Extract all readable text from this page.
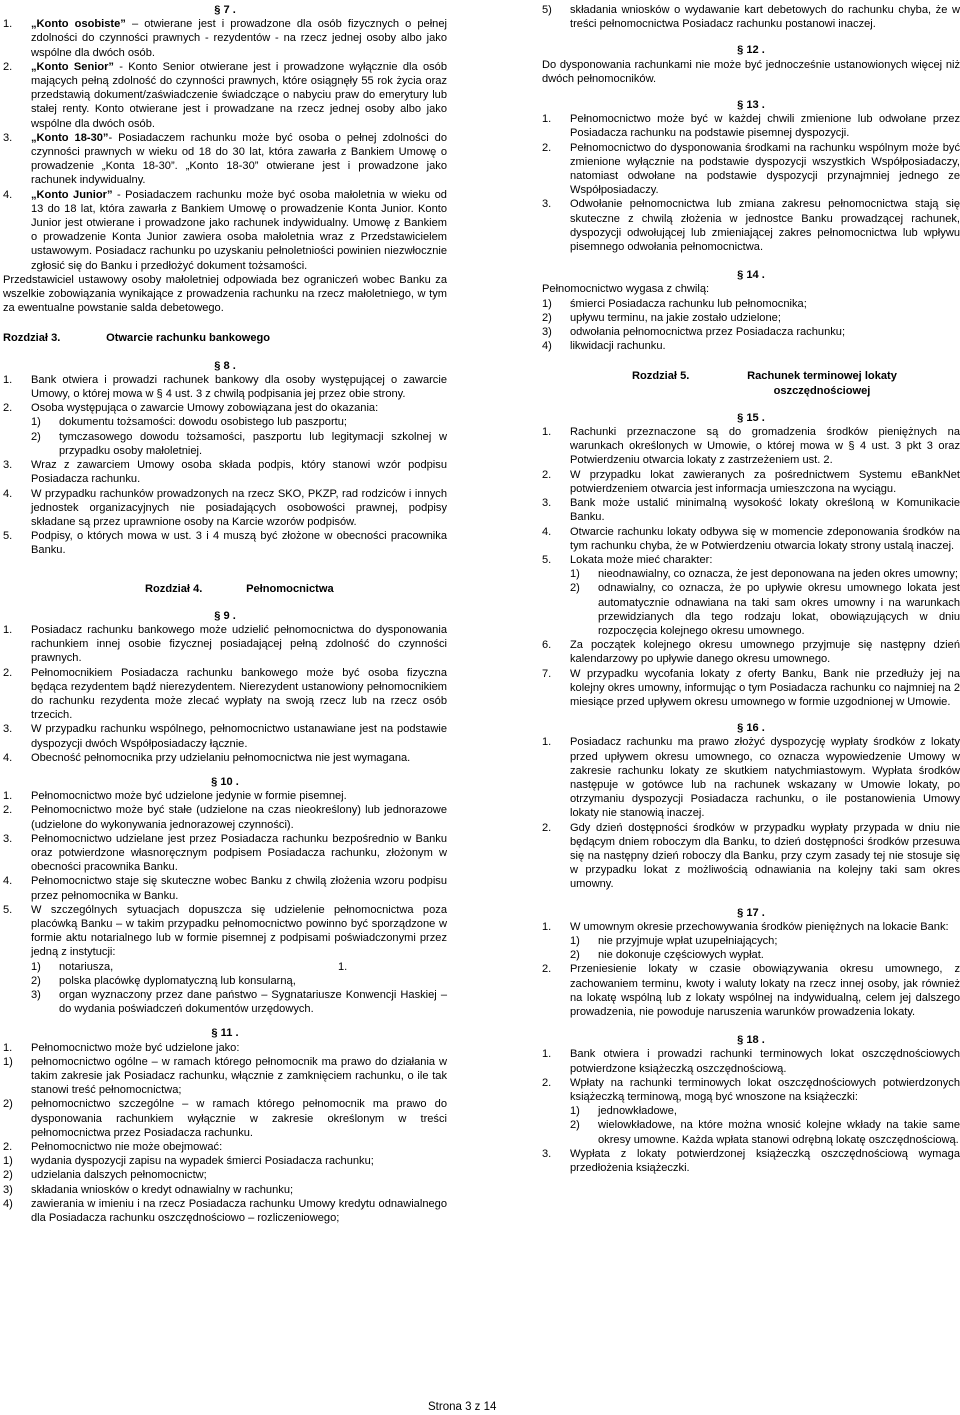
§ 7 .
1.	„Konto osobiste” – otwierane jest i prowadzone dla osób fizycznych o pełnej zdolności do czynności prawnych - rezydentów - na rzecz jednej osoby albo jako wspólne dla dwóch osób.
2.	„Konto Senior” - Konto Senior otwierane jest i prowadzone wyłącznie dla osób mających pełną zdolność do czynności prawnych, które osiągnęły 55 rok życia oraz przedstawią dokument/zaświadczenie świadczące o nabyciu praw do emerytury lub stałej renty. Konto otwierane jest i prowadzane na rzecz jednej osoby albo jako wspólne dla dwóch osób.
3.	„Konto 18-30”- Posiadaczem rachunku może być osoba o pełnej zdolności do czynności prawnych w wieku od 18 do 30 lat, która zawarła z Bankiem Umowę o prowadzenie „Konta 18-30”. „Konto 18-30” otwierane jest i prowadzone jako rachunek indywidualny.
4.	„Konto Junior” - Posiadaczem rachunku może być osoba małoletnia w wieku od 13 do 18 lat, która zawarła z Bankiem Umowę o prowadzenie Konta Junior. Konto Junior jest otwierane i prowadzone jako rachunek indywidualny. Umowę z Bankiem o prowadzenie Konta Junior zawiera osoba małoletnia wraz z Przedstawicielem ustawowym. Posiadacz rachunku po uzyskaniu pełnoletniości powinien niezwłocznie zgłosić się do Banku i przedłożyć dokument tożsamości.
Przedstawiciel ustawowy osoby małoletniej odpowiada bez ograniczeń wobec Banku za wszelkie zobowiązania wynikające z prowadzenia rachunku na rzecz małoletniego, w tym za ewentualne powstanie salda debetowego.
Rozdział 3.	Otwarcie rachunku bankowego
§ 8 .
1.	Bank otwiera i prowadzi rachunek bankowy dla osoby występującej o zawarcie Umowy, o której mowa w § 4 ust. 3 z chwilą podpisania jej przez obie strony.
2.	Osoba występująca o zawarcie Umowy zobowiązana jest do okazania:
1)	dokumentu tożsamości: dowodu osobistego lub paszportu;
2)	tymczasowego dowodu tożsamości, paszportu lub legitymacji szkolnej w przypadku osoby małoletniej.
3.	Wraz z zawarciem Umowy osoba składa podpis, który stanowi wzór podpisu Posiadacza rachunku.
4.	W przypadku rachunków prowadzonych na rzecz SKO, PKZP, rad rodziców i innych jednostek organizacyjnych nie posiadających osobowości prawnej, podpisy składane są przez uprawnione osoby na Karcie wzorów podpisów.
5.	Podpisy, o których mowa w ust. 3 i 4 muszą być złożone w obecności pracownika Banku.
Rozdział 4.	Pełnomocnictwa
§ 9 .
1.	Posiadacz rachunku bankowego może udzielić pełnomocnictwa do dysponowania rachunkiem innej osobie fizycznej posiadającej pełną zdolność do czynności prawnych.
2.	Pełnomocnikiem Posiadacza rachunku bankowego może być osoba fizyczna będąca rezydentem bądź nierezydentem. Nierezydent ustanowiony pełnomocnikiem do rachunku rezydenta może zlecać wypłaty na swoją rzecz lub na rzecz osób trzecich.
3.	W przypadku rachunku wspólnego, pełnomocnictwo ustanawiane jest na podstawie dyspozycji dwóch Współposiadaczy łącznie.
4.	Obecność pełnomocnika przy udzielaniu pełnomocnictwa nie jest wymagana.
§ 10 .
1.	Pełnomocnictwo może być udzielone jedynie w formie pisemnej.
2.	Pełnomocnictwo może być stałe (udzielone na czas nieokreślony) lub jednorazowe (udzielone do wykonywania jednorazowej czynności).
3.	Pełnomocnictwo udzielane jest przez Posiadacza rachunku bezpośrednio w Banku oraz potwierdzone własnoręcznym podpisem Posiadacza rachunku, złożonym w obecności pracownika Banku.
4.	Pełnomocnictwo staje się skuteczne wobec Banku z chwilą złożenia wzoru podpisu przez pełnomocnika w Banku.
5.	W szczególnych sytuacjach dopuszcza się udzielenie pełnomocnictwa poza placówką Banku – w takim przypadku pełnomocnictwo powinno być sporządzone w formie aktu notarialnego lub w formie pisemnej z podpisami poświadczonymi przez jedną z instytucji:
1)	notariusza,
2)	polska placówkę dyplomatyczną lub konsularną,
3)	organ wyznaczony przez dane państwo – Sygnatariusze Konwencji Haskiej – do wydania poświadczeń dokumentów urzędowych.
1.
§ 11 .
1.	Pełnomocnictwo może być udzielone jako:
1)	pełnomocnictwo ogólne – w ramach którego pełnomocnik ma prawo do działania w takim zakresie jak Posiadacz rachunku, włącznie z zamknięciem rachunku, o ile tak stanowi treść pełnomocnictwa;
2)	pełnomocnictwo szczególne – w ramach którego pełnomocnik ma prawo do dysponowania rachunkiem wyłącznie w zakresie określonym w treści pełnomocnictwa przez Posiadacza rachunku.
2.	Pełnomocnictwo nie może obejmować:
1)	wydania dyspozycji zapisu na wypadek śmierci Posiadacza rachunku;
2)	udzielania dalszych pełnomocnictw;
3)	składania wniosków o kredyt odnawialny w rachunku;
4)	zawierania w imieniu i na rzecz Posiadacza rachunku Umowy kredytu odnawialnego dla Posiadacza rachunku oszczędnościowo – rozliczeniowego;
5)	składania wniosków o wydawanie kart debetowych do rachunku chyba, że w treści pełnomocnictwa Posiadacz rachunku postanowi inaczej.
§ 12 .
Do dysponowania rachunkami nie może być jednocześnie ustanowionych więcej niż dwóch pełnomocników.
§ 13 .
1.	Pełnomocnictwo może być w każdej chwili zmienione lub odwołane przez Posiadacza rachunku na podstawie pisemnej dyspozycji.
2.	Pełnomocnictwo do dysponowania środkami na rachunku wspólnym może być zmienione wyłącznie na podstawie dyspozycji wszystkich Współposiadaczy, natomiast odwołane na podstawie dyspozycji przynajmniej jednego ze Współposiadaczy.
3.	Odwołanie pełnomocnictwa lub zmiana zakresu pełnomocnictwa stają się skuteczne z chwilą złożenia w jednostce Banku prowadzącej rachunek, dyspozycji odwołującej lub zmieniającej zakres pełnomocnictwa lub wpływu pisemnego odwołania pełnomocnictwa.
§ 14 .
Pełnomocnictwo wygasa z chwilą:
1)	śmierci Posiadacza rachunku lub pełnomocnika;
2)	upływu terminu, na jakie zostało udzielone;
3)	odwołania pełnomocnictwa przez Posiadacza rachunku;
4)	likwidacji rachunku.
Rozdział 5.	Rachunek terminowej lokaty oszczędnościowej
§ 15 .
1.	Rachunki przeznaczone są do gromadzenia środków pieniężnych na warunkach określonych w Umowie, o której mowa w § 4 ust. 3 pkt 3 oraz Potwierdzeniu otwarcia lokaty z zastrzeżeniem ust. 2.
2.	W przypadku lokat zawieranych za pośrednictwem Systemu eBankNet potwierdzeniem otwarcia jest informacja umieszczona na wyciągu.
3.	Bank może ustalić minimalną wysokość lokaty określoną w Komunikacie Banku.
4.	Otwarcie rachunku lokaty odbywa się w momencie zdeponowania środków na tym rachunku chyba, że w Potwierdzeniu otwarcia lokaty strony ustalą inaczej.
5.	Lokata może mieć charakter:
1)	nieodnawialny, co oznacza, że jest deponowana na jeden okres umowny;
2)	odnawialny, co oznacza, że po upływie okresu umownego lokata jest automatycznie odnawiana na taki sam okres umowny i na warunkach przewidzianych dla tego rodzaju lokat, obowiązujących w dniu rozpoczęcia kolejnego okresu umownego.
6.	Za początek kolejnego okresu umownego przyjmuje się następny dzień kalendarzowy po upływie danego okresu umownego.
7.	W przypadku wycofania lokaty z oferty Banku, Bank nie przedłuży jej na kolejny okres umowny, informując o tym Posiadacza rachunku co najmniej na 2 miesiące przed upływem okresu umownego w formie uzgodnionej w Umowie.
§ 16 .
1.	Posiadacz rachunku ma prawo złożyć dyspozycję wypłaty środków z lokaty przed upływem okresu umownego, co oznacza wypowiedzenie Umowy w zakresie rachunku lokaty ze skutkiem natychmiastowym. Wypłata środków następuje w gotówce lub na rachunek wskazany w Umowie lokaty, po otrzymaniu dyspozycji Posiadacza rachunku, o ile postanowienia Umowy lokaty nie stanowią inaczej.
2.	Gdy dzień dostępności środków w przypadku wypłaty przypada w dniu nie będącym dniem roboczym dla Banku, to dzień dostępności środków przesuwa się na następny dzień roboczy dla Banku, przy czym zasady tej nie stosuje się w przypadku lokat z możliwością odnawiania na kolejny taki sam okres umowny.
§ 17 .
1.	W umownym okresie przechowywania środków pieniężnych na lokacie Bank:
1)	nie przyjmuje wpłat uzupełniających;
2)	nie dokonuje częściowych wypłat.
2.	Przeniesienie lokaty w czasie obowiązywania okresu umownego, z zachowaniem terminu, kwoty i waluty lokaty na rzecz innej osoby, jak również na lokatę wspólną lub z lokaty wspólnej na indywidualną, celem jej dalszego prowadzenia, nie powoduje naruszenia warunków prowadzenia lokaty.
§ 18 .
1.	Bank otwiera i prowadzi rachunki terminowych lokat oszczędnościowych potwierdzone książeczką oszczędnościową.
2.	Wpłaty na rachunki terminowych lokat oszczędnościowych potwierdzonych książeczką terminową, mogą być wnoszone na książeczki:
1)	jednowkładowe,
2)	wielowkładowe, na które można wnosić kolejne wkłady na takie same okresy umowne. Każda wpłata stanowi odrębną lokatę oszczędnościową.
3.	Wypłata z lokaty potwierdzonej książeczką oszczędnościową wymaga przedłożenia książeczki.
Strona 3 z 14
